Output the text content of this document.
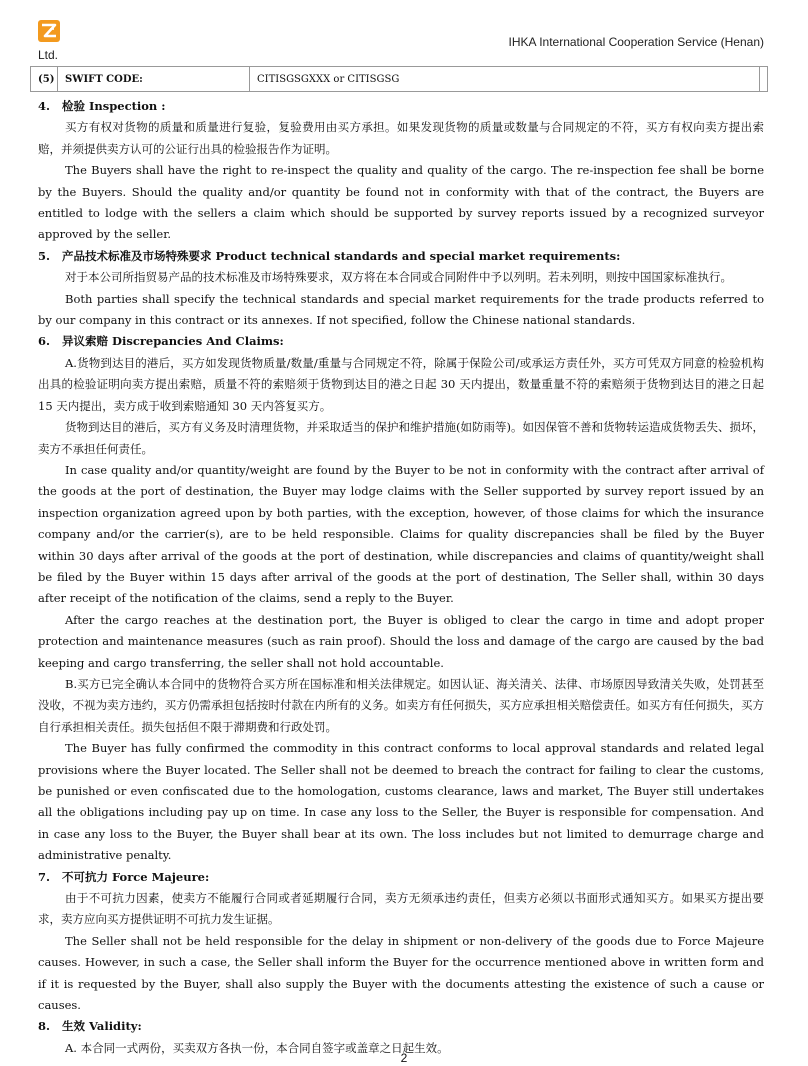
Ltd.
IHKA International Cooperation Service (Henan)
(5) SWIFT CODE:	CITISGSGXXX or CITISGSG

4. 检验 Inspection :

买方有权对货物的质量和质量进行复验，复验费用由买方承担。如果发现货物的质量或数量与合同规定的不符，买方有权向卖方提出索赔，并须提供卖方认可的公证行出具的检验报告作为证明。

The Buyers shall have the right to re-inspect the quality and quality of the cargo. The re-inspection fee shall be borne by the Buyers. Should the quality and/or quantity be found not in conformity with that of the contract, the Buyers are entitled to lodge with the sellers a claim which should be supported by survey reports issued by a recognized surveyor approved by the seller.

5. 产品技术标准及市场特殊要求 Product technical standards and special market requirements:

对于本公司所指贸易产品的技术标准及市场特殊要求，双方将在本合同或合同附件中予以列明。若未列明，则按中国国家标准执行。

Both parties shall specify the technical standards and special market requirements for the trade products referred to by our company in this contract or its annexes. If not specified, follow the Chinese national standards.

6. 异议索赔 Discrepancies And Claims:

A.货物到达目的港后，买方如发现货物质量/数量/重量与合同规定不符，除属于保险公司/或承运方责任外，买方可凭双方同意的检验机构出具的检验证明向卖方提出索赔，质量不符的索赔须于货物到达目的港之日起 30 天内提出，数量重量不符的索赔须于货物到达目的港之日起 15 天内提出，卖方成于收到索赔通知 30 天内答复买方。

货物到达目的港后，买方有义务及时清理货物，并采取适当的保护和维护措施(如防雨等)。如因保管不善和货物转运造成货物丢失、损坏，卖方不承担任何责任。

In case quality and/or quantity/weight are found by the Buyer to be not in conformity with the contract after arrival of the goods at the port of destination, the Buyer may lodge claims with the Seller supported by survey report issued by an inspection organization agreed upon by both parties, with the exception, however, of those claims for which the insurance company and/or the carrier(s), are to be held responsible. Claims for quality discrepancies shall be filed by the Buyer within 30 days after arrival of the goods at the port of destination, while discrepancies and claims of quantity/weight shall be filed by the Buyer within 15 days after arrival of the goods at the port of destination, The Seller shall, within 30 days after receipt of the notification of the claims, send a reply to the Buyer.

After the cargo reaches at the destination port, the Buyer is obliged to clear the cargo in time and adopt proper protection and maintenance measures (such as rain proof). Should the loss and damage of the cargo are caused by the bad keeping and cargo transferring, the seller shall not hold accountable.

B.买方已完全确认本合同中的货物符合买方所在国标准和相关法律规定。如因认证、海关清关、法律、市场原因导致清关失败，处罚甚至没收，不视为卖方违约，买方仍需承担包括按时付款在内所有的义务。如卖方有任何损失，买方应承担相关赔偿责任。如买方有任何损失，买方自行承担相关责任。损失包括但不限于滞期费和行政处罚。

The Buyer has fully confirmed the commodity in this contract conforms to local approval standards and related legal provisions where the Buyer located. The Seller shall not be deemed to breach the contract for failing to clear the customs, be punished or even confiscated due to the homologation, customs clearance, laws and market, The Buyer still undertakes all the obligations including pay up on time. In case any loss to the Seller, the Buyer is responsible for compensation. And in case any loss to the Buyer, the Buyer shall bear at its own. The loss includes but not limited to demurrage charge and administrative penalty.

7. 不可抗力 Force Majeure:

由于不可抗力因素，使卖方不能履行合同或者延期履行合同，卖方无须承违约责任，但卖方必须以书面形式通知买方。如果买方提出要求，卖方应向买方提供证明不可抗力发生证据。

The Seller shall not be held responsible for the delay in shipment or non-delivery of the goods due to Force Majeure causes. However, in such a case, the Seller shall inform the Buyer for the occurrence mentioned above in written form and if it is requested by the Buyer, shall also supply the Buyer with the documents attesting the existence of such a cause or causes.

8. 生效 Validity:

A. 本合同一式两份，买卖双方各执一份，本合同自签字或盖章之日起生效。

2
